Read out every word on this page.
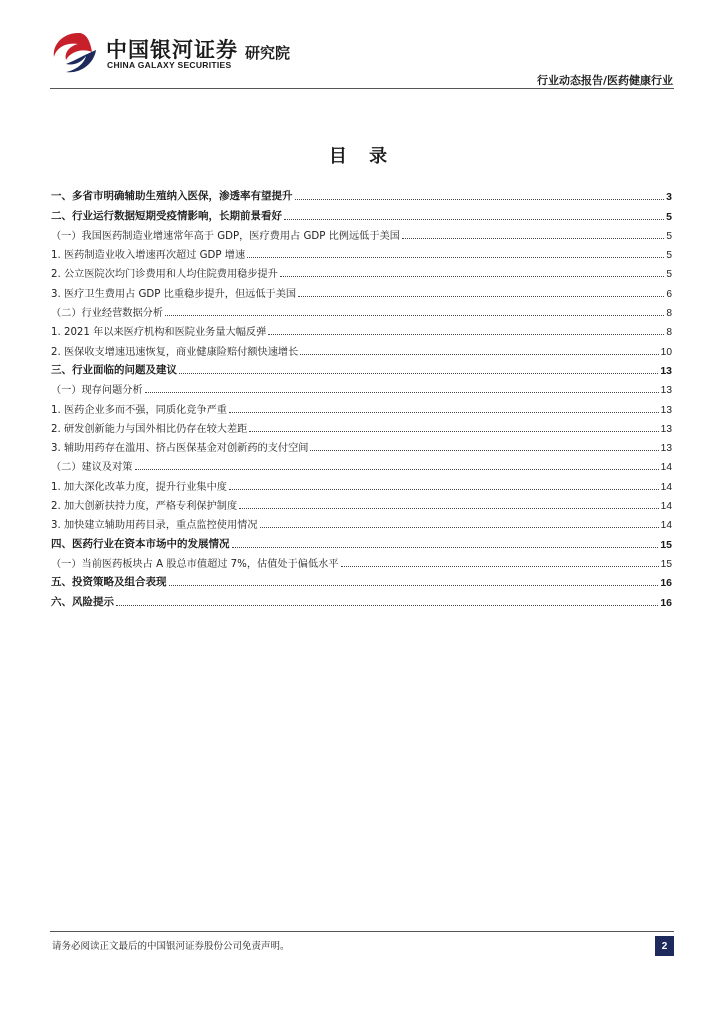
中国银河证券
CHINA GALAXY SECURITIES
研究院
行业动态报告/医药健康行业
目 录
一、多省市明确辅助生殖纳入医保，渗透率有望提升	3
二、行业运行数据短期受疫情影响，长期前景看好	5
（一）我国医药制造业增速常年高于 GDP，医疗费用占 GDP 比例远低于美国	5
1. 医药制造业收入增速再次超过 GDP 增速	5
2. 公立医院次均门诊费用和人均住院费用稳步提升	5
3. 医疗卫生费用占 GDP 比重稳步提升，但远低于美国	6
（二）行业经营数据分析	8
1. 2021 年以来医疗机构和医院业务量大幅反弹	8
2. 医保收支增速迅速恢复，商业健康险赔付额快速增长	10
三、行业面临的问题及建议	13
（一）现存问题分析	13
1. 医药企业多而不强，同质化竞争严重	13
2. 研发创新能力与国外相比仍存在较大差距	13
3. 辅助用药存在滥用、挤占医保基金对创新药的支付空间	13
（二）建议及对策	14
1. 加大深化改革力度，提升行业集中度	14
2. 加大创新扶持力度，严格专利保护制度	14
3. 加快建立辅助用药目录，重点监控使用情况	14
四、医药行业在资本市场中的发展情况	15
（一）当前医药板块占 A 股总市值超过 7%，估值处于偏低水平	15
五、投资策略及组合表现	16
六、风险提示	16
请务必阅读正文最后的中国银河证券股份公司免责声明。	2
